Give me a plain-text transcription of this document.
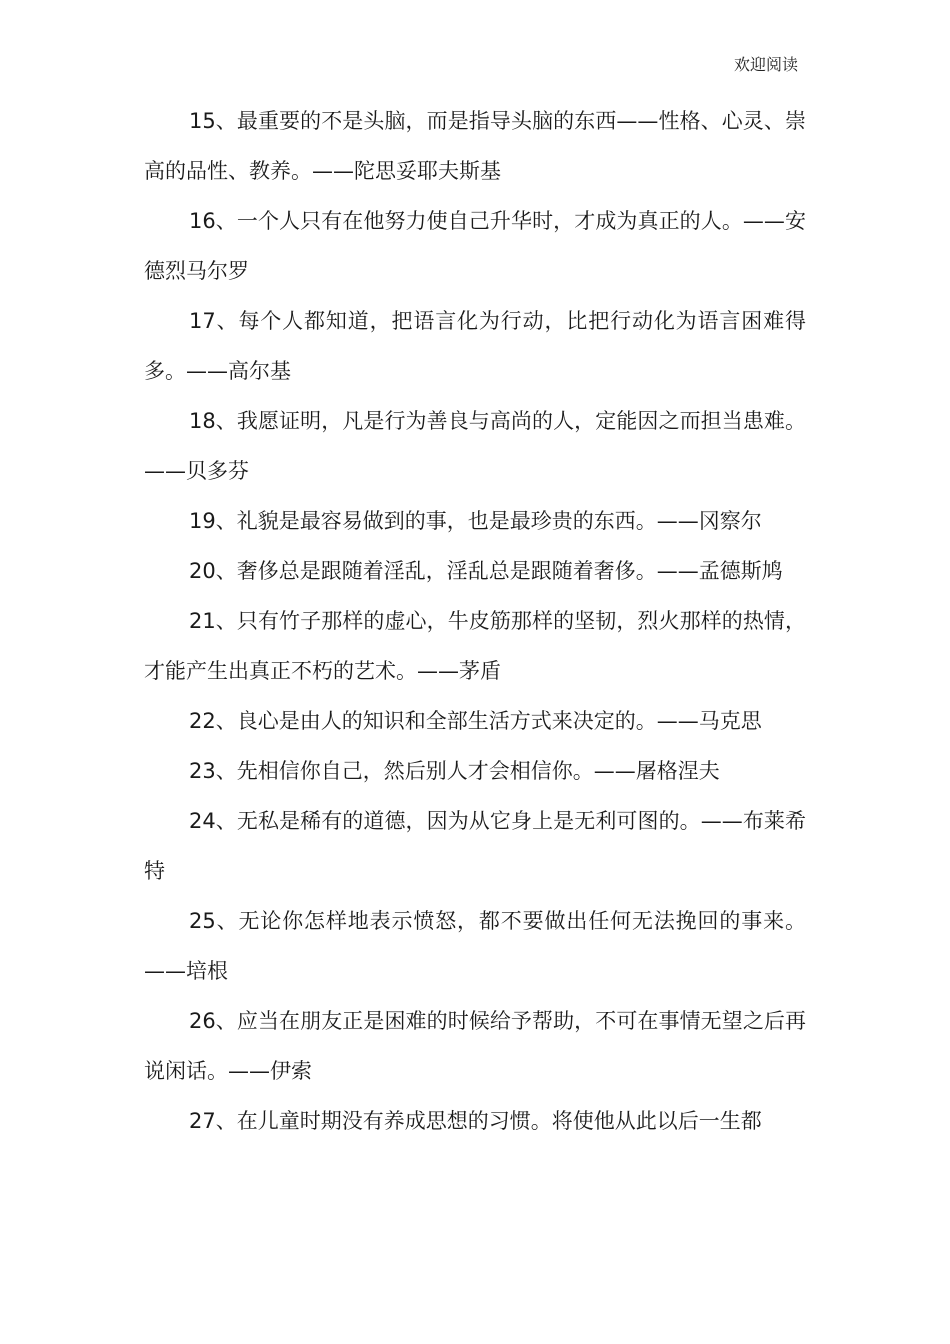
欢迎阅读

15、最重要的不是头脑，而是指导头脑的东西——性格、心灵、崇高的品性、教养。——陀思妥耶夫斯基

16、一个人只有在他努力使自己升华时，才成为真正的人。——安德烈马尔罗

17、每个人都知道，把语言化为行动，比把行动化为语言困难得多。——高尔基

18、我愿证明，凡是行为善良与高尚的人，定能因之而担当患难。——贝多芬

19、礼貌是最容易做到的事，也是最珍贵的东西。——冈察尔

20、奢侈总是跟随着淫乱，淫乱总是跟随着奢侈。——孟德斯鸠

21、只有竹子那样的虚心，牛皮筋那样的坚韧，烈火那样的热情，才能产生出真正不朽的艺术。——茅盾

22、良心是由人的知识和全部生活方式来决定的。——马克思

23、先相信你自己，然后别人才会相信你。——屠格涅夫

24、无私是稀有的道德，因为从它身上是无利可图的。——布莱希特

25、无论你怎样地表示愤怒，都不要做出任何无法挽回的事来。——培根

26、应当在朋友正是困难的时候给予帮助，不可在事情无望之后再说闲话。——伊索

27、在儿童时期没有养成思想的习惯。将使他从此以后一生都
